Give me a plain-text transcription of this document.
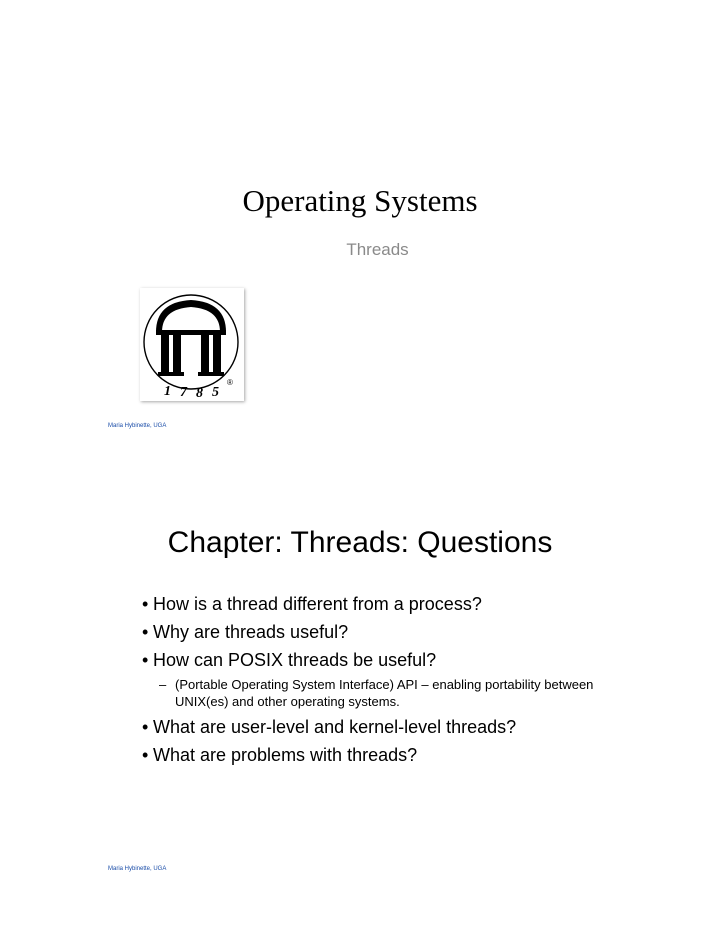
Operating Systems
Threads
1 7 8 5
®
Maria Hybinette, UGA
Chapter: Threads: Questions
• How is a thread different from a process?
• Why are threads useful?
• How can POSIX threads be useful?
– (Portable Operating System Interface) API – enabling portability between UNIX(es) and other operating systems.
• What are user-level and kernel-level threads?
• What are problems with threads?
Maria Hybinette, UGA
